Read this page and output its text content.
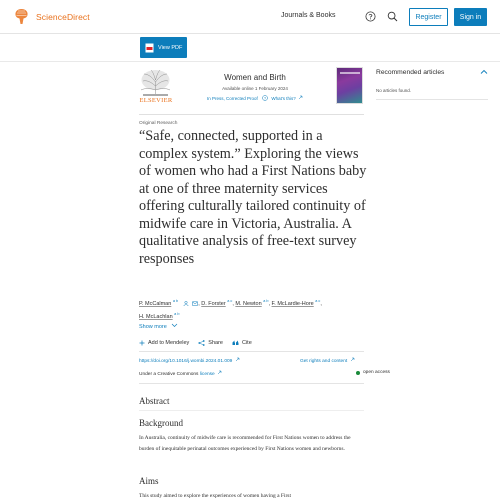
ScienceDirect	Journals & Books	Register	Sign in
View PDF
ELSEVIER
Women and Birth
Available online 1 February 2024
In Press, Corrected Proof ? What's this?
Original Research
“Safe, connected, supported in a complex system.” Exploring the views of women who had a First Nations baby at one of three maternity services offering culturally tailored continuity of midwife care in Victoria, Australia. A qualitative analysis of free-text survey responses
P. McCalman $^{a b}$	, D. Forster $^{a c}$, M. Newton $^{a b}$, F. McLardie-Hore $^{a c}$,
H. McLachlan $^{a b}$
Show more
Add to Mendeley	Share	Cite
https://doi.org/10.1016/j.wombi.2024.01.009	Get rights and content
Under a Creative Commons license	open access
Abstract
Background

In Australia, continuity of midwife care is recommended for First Nations women to address the burden of inequitable perinatal outcomes experienced by First Nations women and newborns.

Aims

This study aimed to explore the experiences of women having a First

Recommended articles
No articles found.
